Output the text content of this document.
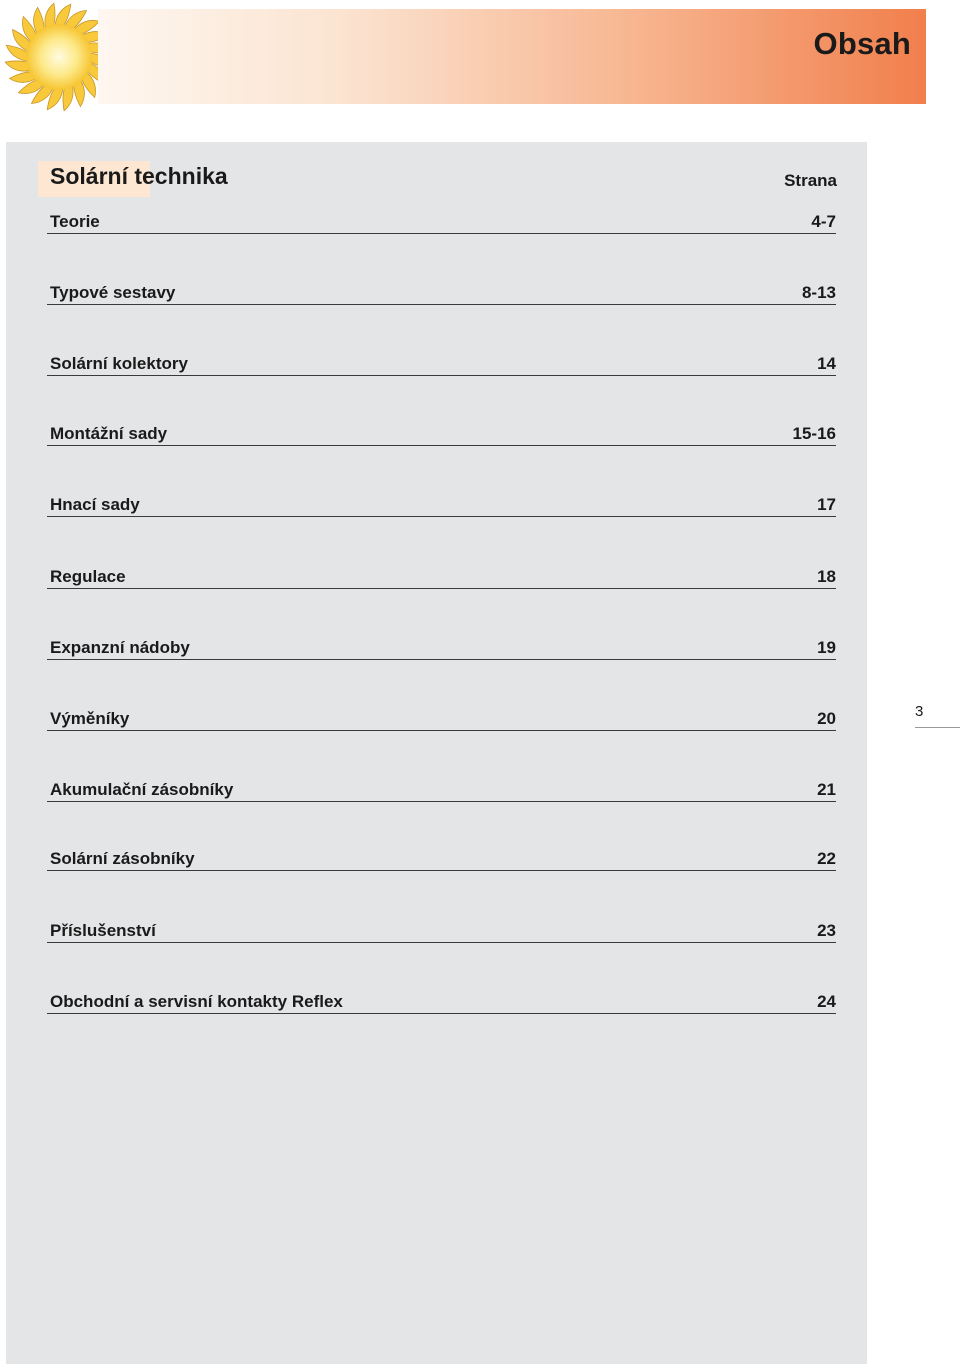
Obsah
Solární technika	Strana
Teorie	4-7
Typové sestavy	8-13
Solární kolektory	14
Montážní sady	15-16
Hnací sady	17
Regulace	18
Expanzní nádoby	19
Výměníky	20
Akumulační zásobníky	21
Solární zásobníky	22
Příslušenství	23
Obchodní a servisní kontakty Reflex	24
3
